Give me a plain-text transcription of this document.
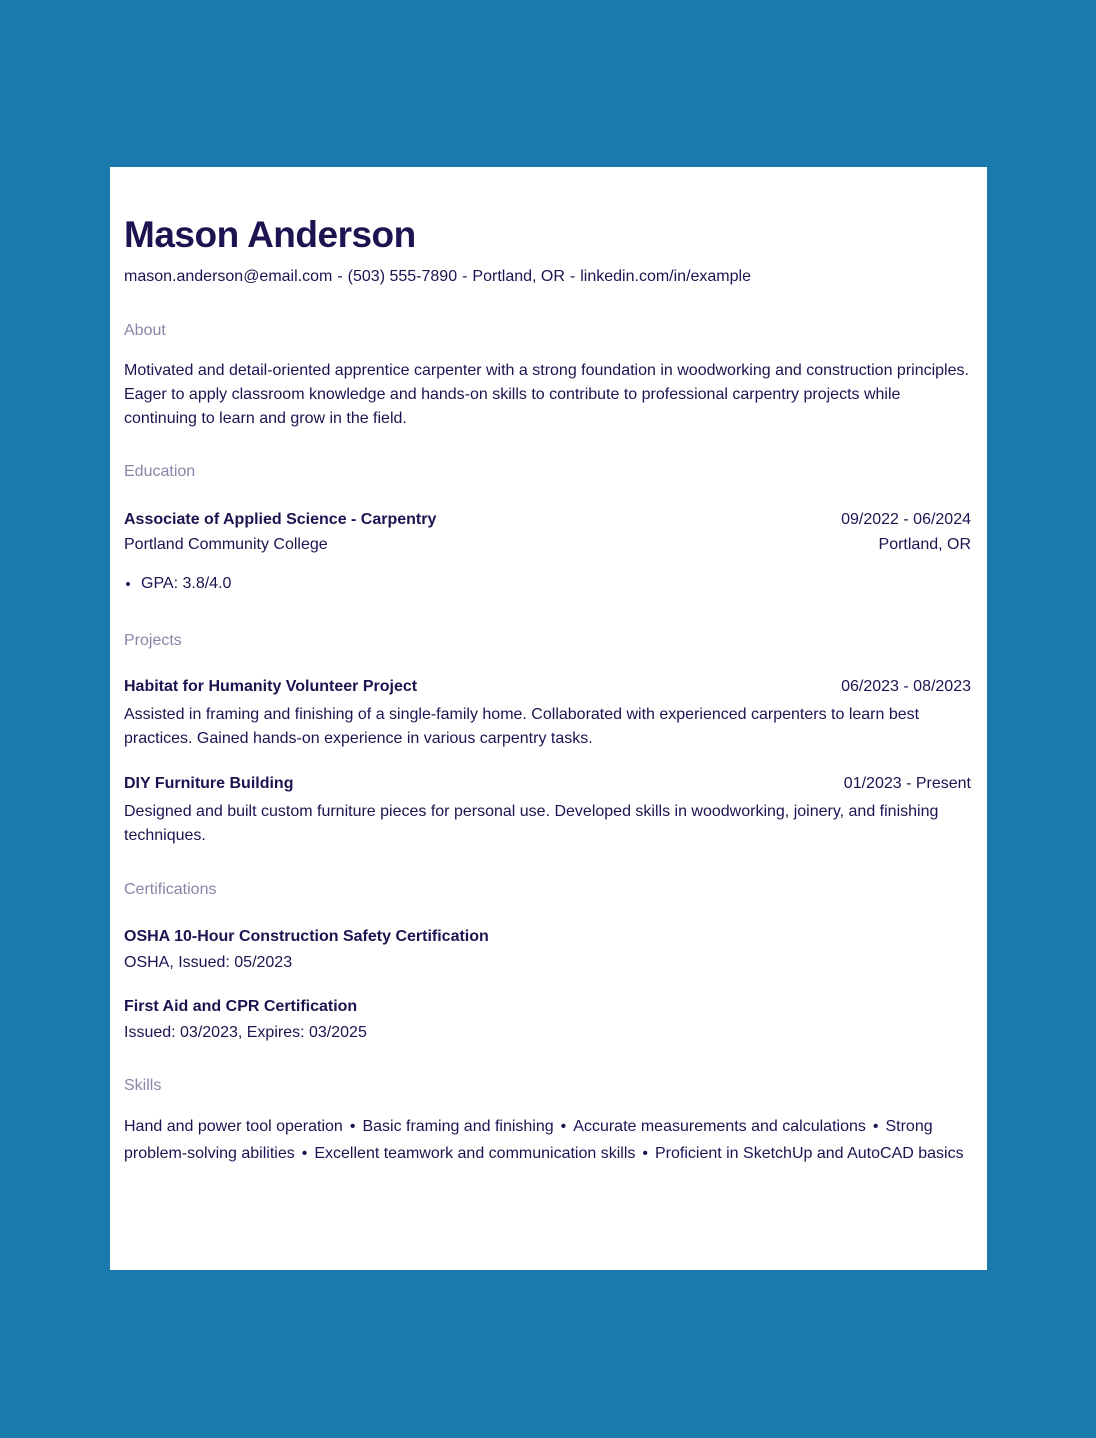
Mason Anderson
mason.anderson@email.com - (503) 555-7890 - Portland, OR - linkedin.com/in/example
About
Motivated and detail-oriented apprentice carpenter with a strong foundation in woodworking and construction principles. Eager to apply classroom knowledge and hands-on skills to contribute to professional carpentry projects while continuing to learn and grow in the field.
Education
Associate of Applied Science - Carpentry	09/2022 - 06/2024
Portland Community College	Portland, OR
• GPA: 3.8/4.0
Projects
Habitat for Humanity Volunteer Project	06/2023 - 08/2023
Assisted in framing and finishing of a single-family home. Collaborated with experienced carpenters to learn best practices. Gained hands-on experience in various carpentry tasks.
DIY Furniture Building	01/2023 - Present
Designed and built custom furniture pieces for personal use. Developed skills in woodworking, joinery, and finishing techniques.
Certifications
OSHA 10-Hour Construction Safety Certification
OSHA, Issued: 05/2023
First Aid and CPR Certification
Issued: 03/2023, Expires: 03/2025
Skills
Hand and power tool operation • Basic framing and finishing • Accurate measurements and calculations • Strong problem-solving abilities • Excellent teamwork and communication skills • Proficient in SketchUp and AutoCAD basics
